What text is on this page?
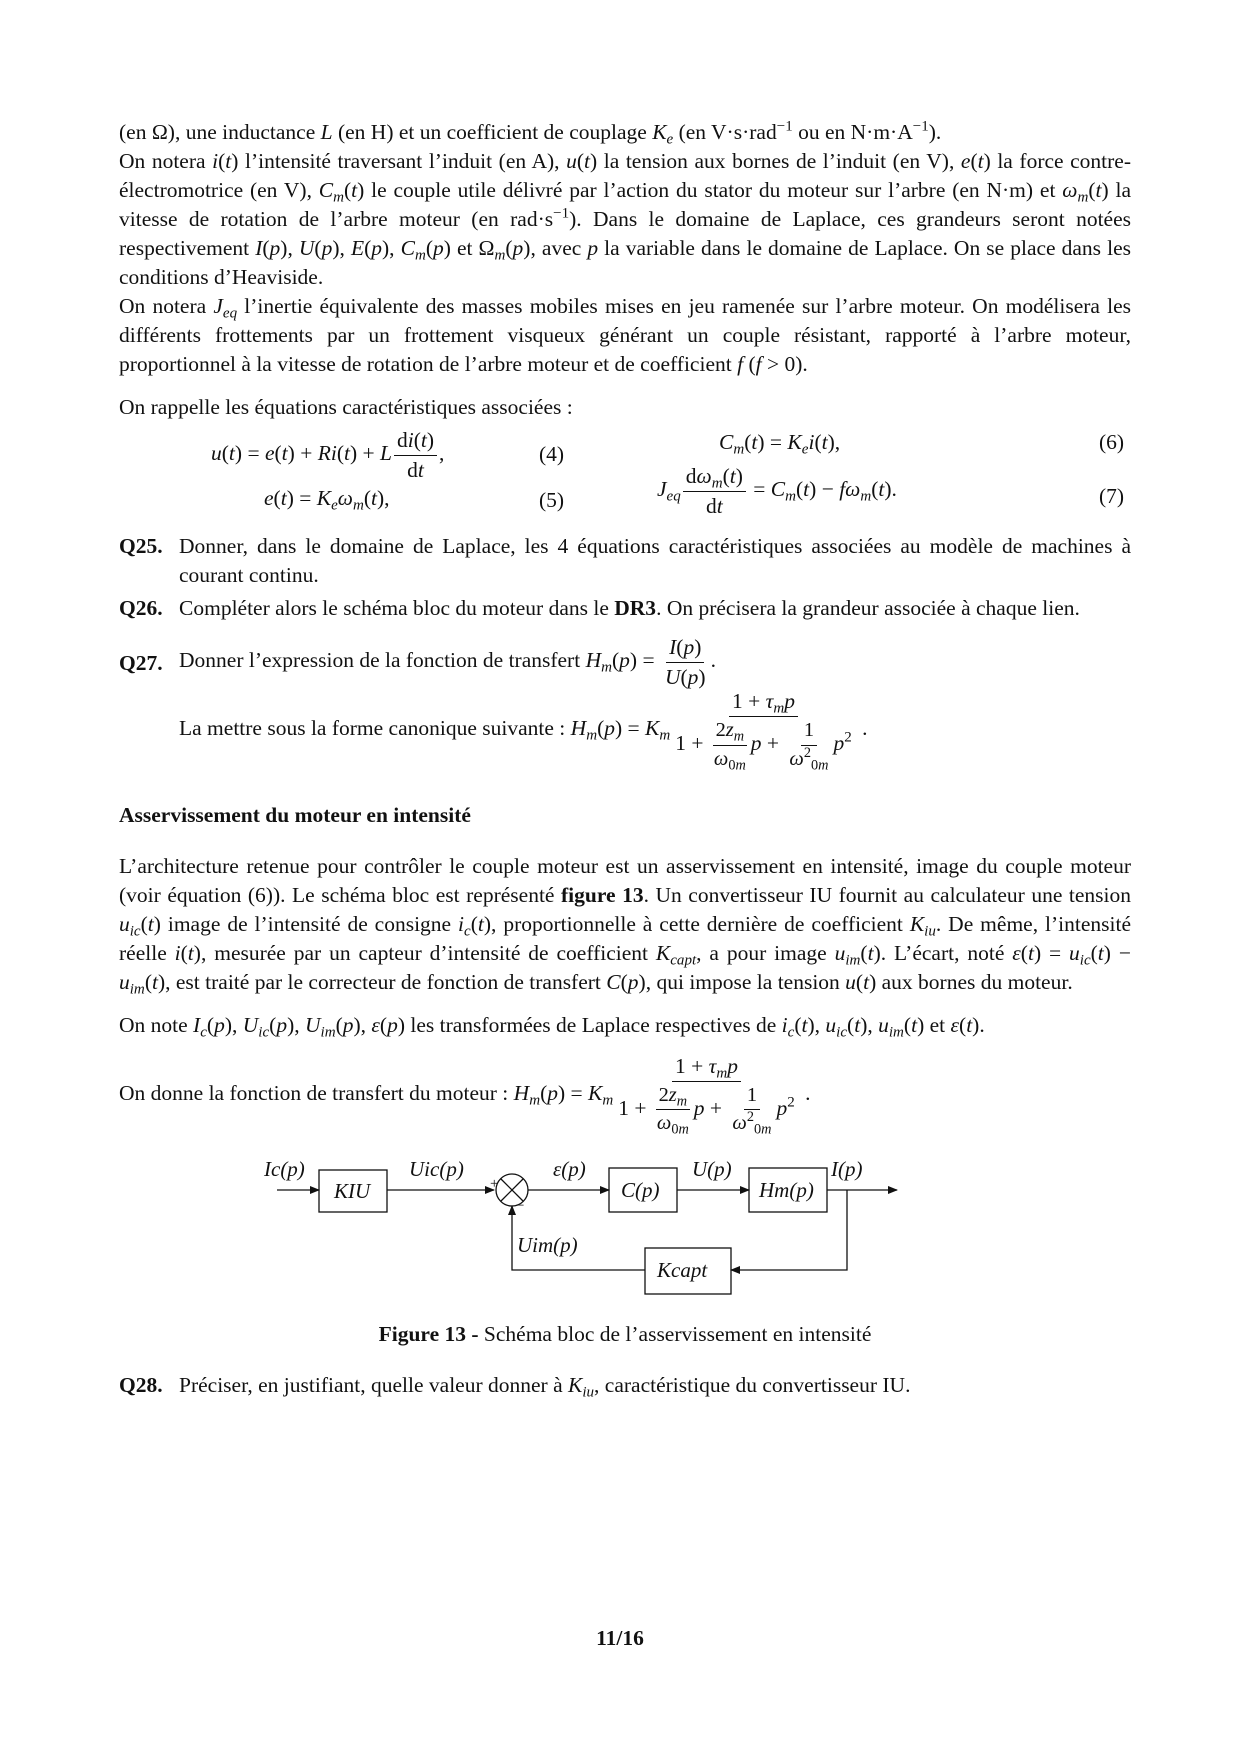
(en Ω), une inductance L (en H) et un coefficient de couplage $K_e$ (en V·s·rad$^{-1}$ ou en $N\cdot m\cdot A^{-1}$).

On notera i(t) l’intensité traversant l’induit (en A), u(t) la tension aux bornes de l’induit (en V), e(t) la force contre-électromotrice (en V), $C_m(t)$ le couple utile délivré par l’action du stator du moteur sur l’arbre (en N·m) et $\omega_m(t)$ la vitesse de rotation de l’arbre moteur (en $rad\cdot s^{-1}$). Dans le domaine de Laplace, ces grandeurs seront notées respectivement I(p), U(p), E(p), $C_m(p)$ et $\Omega_m(p)$, avec p la variable dans le domaine de Laplace. On se place dans les conditions d’Heaviside.

On notera $J_{eq}$ l’inertie équivalente des masses mobiles mises en jeu ramenée sur l’arbre moteur. On modélisera les différents frottements par un frottement visqueux générant un couple résistant, rapporté à l’arbre moteur, proportionnel à la vitesse de rotation de l’arbre moteur et de coefficient f (f > 0).

On rappelle les équations caractéristiques associées :

u(t) = e(t) + Ri(t) + L $\frac{di(t)}{dt}$ ,	(4)	$C_m(t) = K_ei(t)$,	(6)
$e(t) = K_e\omega_m(t)$,	(5)	$J_{eq} \frac{d\omega_m(t)}{dt} = C_m(t) - f\omega_m(t)$.	(7)
Q25. Donner, dans le domaine de Laplace, les 4 équations caractéristiques associées au modèle de machines à courant continu.
Q26. Compléter alors le schéma bloc du moteur dans le DR3. On précisera la grandeur associée à chaque lien.
Q27. Donner l’expression de la fonction de transfert $H_m(p) = \frac{I(p)}{U(p)}$ .
La mettre sous la forme canonique suivante : $H_m(p) = K_m \frac{1 + \tau_mp}{1 + \frac{2z_m}{\omega_{0m}} p + \frac{1}{\omega^2_{0m}} p^2}$ .

Asservissement du moteur en intensité

L’architecture retenue pour contrôler le couple moteur est un asservissement en intensité, image du couple moteur (voir équation (6)). Le schéma bloc est représenté figure 13. Un convertisseur IU fournit au calculateur une tension $u_{ic}(t)$ image de l’intensité de consigne $i_c(t)$, proportionnelle à cette dernière de coefficient $K_{iu}$. De même, l’intensité réelle i(t), mesurée par un capteur d’intensité de coefficient $K_{capt}$, a pour image $u_{im}(t)$. L’écart, noté $\varepsilon(t) = u_{ic}(t) - u_{im}(t)$, est traité par le correcteur de fonction de transfert C(p), qui impose la tension u(t) aux bornes du moteur.

On note $I_c(p)$, $U_{ic}(p)$, $U_{im}(p)$, ε(p) les transformées de Laplace respectives de $i_c(t)$, $u_{ic}(t)$, $u_{im}(t)$ et ε(t).

On donne la fonction de transfert du moteur : $H_m(p) = K_m \frac{1 + \tau_mp}{1 + \frac{2z_m}{\omega_{0m}} p + \frac{1}{\omega^2_{0m}} p^2}$ .

Ic(p)
KIU
Uic(p)	ε(p)
C(p)
U(p)
Hm(p)
I(p)
Uim(p)
Kcapt
+
−

Figure 13 - Schéma bloc de l’asservissement en intensité

Q28. Préciser, en justifiant, quelle valeur donner à $K_{iu}$, caractéristique du convertisseur IU.
11/16
